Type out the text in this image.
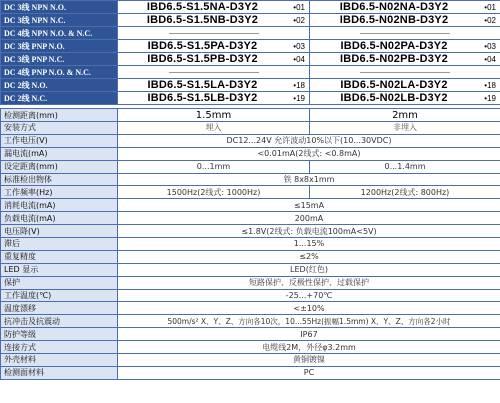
DC 3线 NPN N.O.	IBD6.5-S1.5NA-D3Y2 •01	IBD6.5-N02NA-D3Y2 •01

DC 3线 NPN N.C.	IBD6.5-S1.5NB-D3Y2 •02	IBD6.5-N02NB-D3Y2 •02

DC 4线 NPN N.O. & N.C.	

DC 3线 PNP N.O.	IBD6.5-S1.5PA-D3Y2 •03	IBD6.5-N02PA-D3Y2 •03

DC 3线 PNP N.C.	IBD6.5-S1.5PB-D3Y2 •04	IBD6.5-N02PB-D3Y2 •04

DC 4线 PNP N.O. & N.C.	

DC 2线 N.O.	IBD6.5-S1.5LA-D3Y2 •18	IBD6.5-N02LA-D3Y2 •18

DC 2线 N.C.	IBD6.5-S1.5LB-D3Y2 •19	IBD6.5-N02LB-D3Y2 •19

检测距离(mm)	1.5mm	2mm
安装方式	埋入	非埋入
工作电压(V)	DC12...24V 允许波动10%以下(10...30VDC)	
漏电流(mA)	<0.01mA(2线式: <0.8mA)	
设定距离(mm)	0...1mm	0...1.4mm
标准检出物体	铁 8x8x1mm	
工作频率(Hz)	1500Hz(2线式: 1000Hz)	1200Hz(2线式: 800Hz)
消耗电流(mA)	≤15mA	
负载电流(mA)	200mA	
电压降(V)	≤1.8V(2线式: 负载电流100mA<5V)	
滞后	1...15%	
重复精度	≤2%	
LED 显示	LED(红色)	
保护	短路保护、反极性保护、过载保护	
工作温度(℃)	-25...+70℃	
温度漂移	<±10%	
抗冲击及抗震动	500m/s² X、Y、Z、方向各10次，10...55Hz(振幅1.5mm) X、Y、Z、方向各2小时	
防护等级	IP67	
连接方式	电缆线2M，外径φ3.2mm	
外壳材料	黄铜镀镍	
检测面材料	PC	
